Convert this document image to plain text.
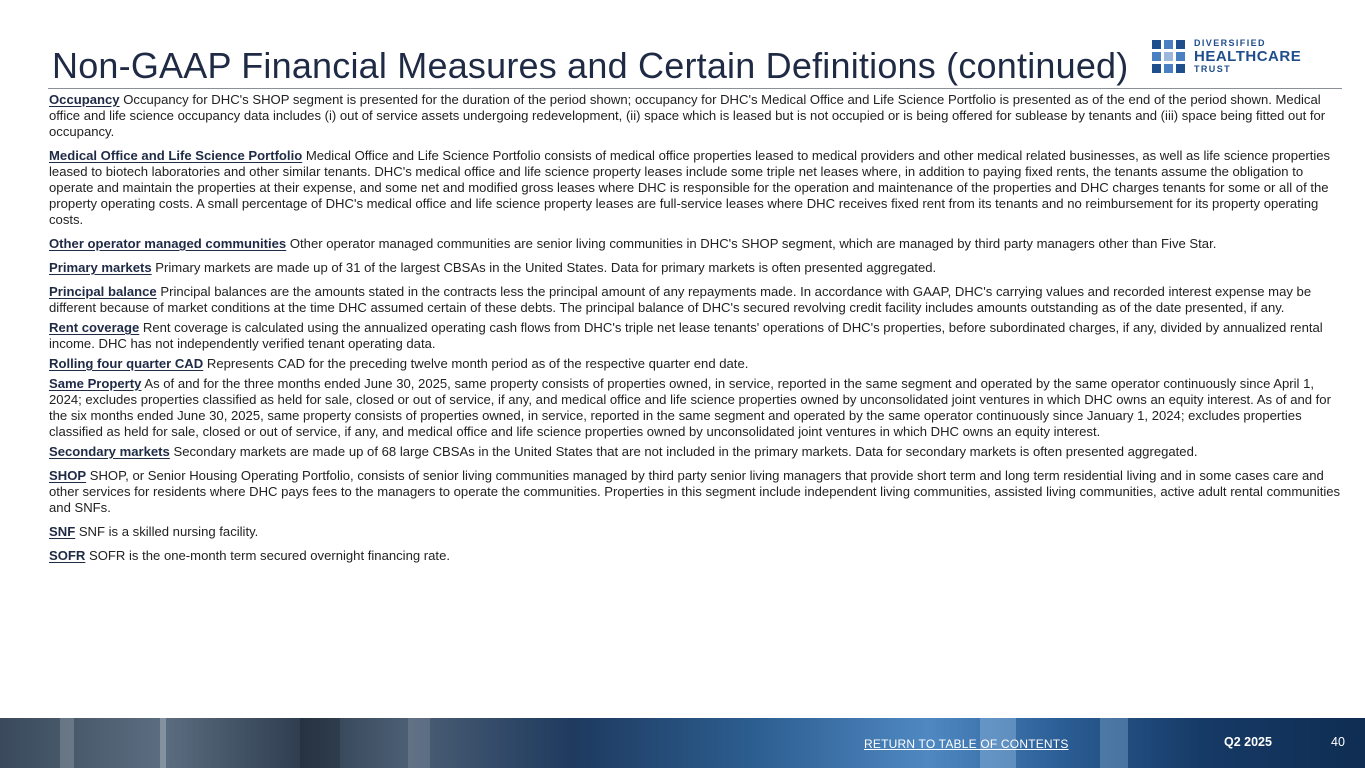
Non-GAAP Financial Measures and Certain Definitions (continued)
DIVERSIFIED
HEALTHCARE
TRUST

Occupancy Occupancy for DHC's SHOP segment is presented for the duration of the period shown; occupancy for DHC's Medical Office and Life Science Portfolio is presented as of the end of the period shown. Medical office and life science occupancy data includes (i) out of service assets undergoing redevelopment, (ii) space which is leased but is not occupied or is being offered for sublease by tenants and (iii) space being fitted out for occupancy.

Medical Office and Life Science Portfolio Medical Office and Life Science Portfolio consists of medical office properties leased to medical providers and other medical related businesses, as well as life science properties leased to biotech laboratories and other similar tenants. DHC's medical office and life science property leases include some triple net leases where, in addition to paying fixed rents, the tenants assume the obligation to operate and maintain the properties at their expense, and some net and modified gross leases where DHC is responsible for the operation and maintenance of the properties and DHC charges tenants for some or all of the property operating costs. A small percentage of DHC's medical office and life science property leases are full-service leases where DHC receives fixed rent from its tenants and no reimbursement for its property operating costs.

Other operator managed communities Other operator managed communities are senior living communities in DHC's SHOP segment, which are managed by third party managers other than Five Star.

Primary markets Primary markets are made up of 31 of the largest CBSAs in the United States. Data for primary markets is often presented aggregated.

Principal balance Principal balances are the amounts stated in the contracts less the principal amount of any repayments made. In accordance with GAAP, DHC's carrying values and recorded interest expense may be different because of market conditions at the time DHC assumed certain of these debts. The principal balance of DHC's secured revolving credit facility includes amounts outstanding as of the date presented, if any.

Rent coverage Rent coverage is calculated using the annualized operating cash flows from DHC's triple net lease tenants' operations of DHC's properties, before subordinated charges, if any, divided by annualized rental income. DHC has not independently verified tenant operating data.

Rolling four quarter CAD Represents CAD for the preceding twelve month period as of the respective quarter end date.

Same Property As of and for the three months ended June 30, 2025, same property consists of properties owned, in service, reported in the same segment and operated by the same operator continuously since April 1, 2024; excludes properties classified as held for sale, closed or out of service, if any, and medical office and life science properties owned by unconsolidated joint ventures in which DHC owns an equity interest. As of and for the six months ended June 30, 2025, same property consists of properties owned, in service, reported in the same segment and operated by the same operator continuously since January 1, 2024; excludes properties classified as held for sale, closed or out of service, if any, and medical office and life science properties owned by unconsolidated joint ventures in which DHC owns an equity interest.

Secondary markets Secondary markets are made up of 68 large CBSAs in the United States that are not included in the primary markets. Data for secondary markets is often presented aggregated.

SHOP SHOP, or Senior Housing Operating Portfolio, consists of senior living communities managed by third party senior living managers that provide short term and long term residential living and in some cases care and other services for residents where DHC pays fees to the managers to operate the communities. Properties in this segment include independent living communities, assisted living communities, active adult rental communities and SNFs.

SNF SNF is a skilled nursing facility.

SOFR SOFR is the one-month term secured overnight financing rate.

RETURN TO TABLE OF CONTENTS	Q2 2025	40
